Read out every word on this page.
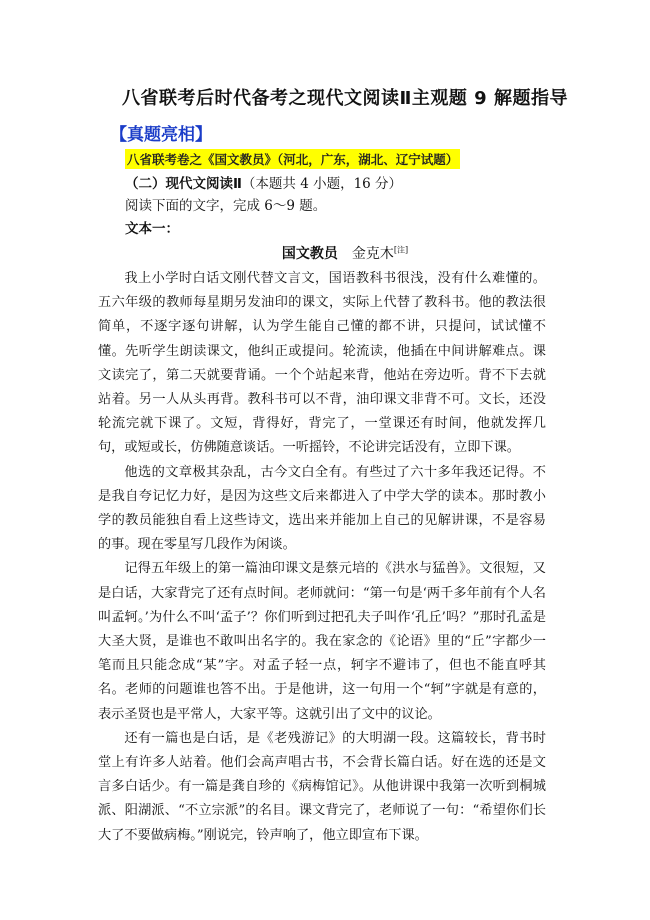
八省联考后时代备考之现代文阅读Ⅱ主观题 9 解题指导
【真题亮相】
八省联考卷之《国文教员》（河北，广东，湖北、辽宁试题）
（二）现代文阅读Ⅱ（本题共 4 小题，16 分）
阅读下面的文字，完成 6～9 题。
文本一：
国文教员 金克木[注]

我上小学时白话文刚代替文言文，国语教科书很浅，没有什么难懂的。五六年级的教师每星期另发油印的课文，实际上代替了教科书。他的教法很简单，不逐字逐句讲解，认为学生能自己懂的都不讲，只提问，试试懂不懂。先听学生朗读课文，他纠正或提问。轮流读，他插在中间讲解难点。课文读完了，第二天就要背诵。一个个站起来背，他站在旁边听。背不下去就站着。另一人从头再背。教科书可以不背，油印课文非背不可。文长，还没轮流完就下课了。文短，背得好，背完了，一堂课还有时间，他就发挥几句，或短或长，仿佛随意谈话。一听摇铃，不论讲完话没有，立即下课。

他选的文章极其杂乱，古今文白全有。有些过了六十多年我还记得。不是我自夸记忆力好，是因为这些文后来都进入了中学大学的读本。那时教小学的教员能独自看上这些诗文，选出来并能加上自己的见解讲课，不是容易的事。现在零星写几段作为闲谈。

记得五年级上的第一篇油印课文是蔡元培的《洪水与猛兽》。文很短，又是白话，大家背完了还有点时间。老师就问：“第一句是‘两千多年前有个人名叫孟轲。’为什么不叫‘孟子’？你们听到过把孔夫子叫作‘孔丘’吗？”那时孔孟是大圣大贤，是谁也不敢叫出名字的。我在家念的《论语》里的“丘”字都少一笔而且只能念成“某”字。对孟子轻一点，轲字不避讳了，但也不能直呼其名。老师的问题谁也答不出。于是他讲，这一句用一个“轲”字就是有意的，表示圣贤也是平常人，大家平等。这就引出了文中的议论。

还有一篇也是白话，是《老残游记》的大明湖一段。这篇较长，背书时堂上有许多人站着。他们会高声唱古书，不会背长篇白话。好在选的还是文言多白话少。有一篇是龚自珍的《病梅馆记》。从他讲课中我第一次听到桐城派、阳湖派、“不立宗派”的名目。课文背完了，老师说了一句：“希望你们长大了不要做病梅。”刚说完，铃声响了，他立即宣布下课。
